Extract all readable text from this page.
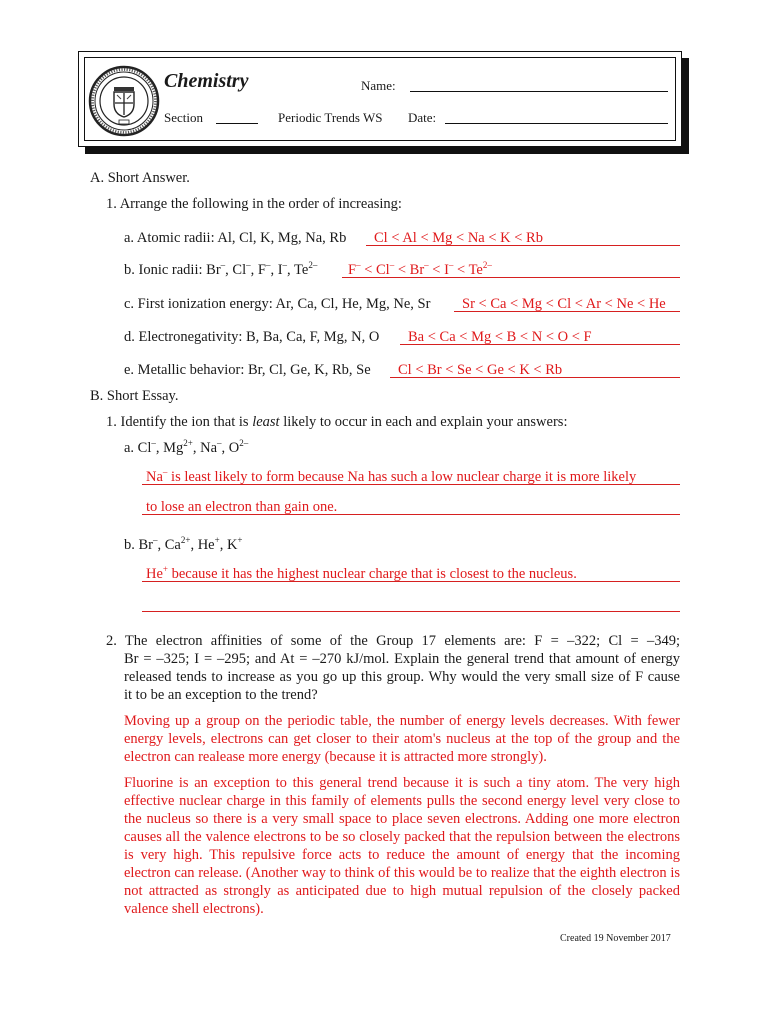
Chemistry	Name:
Section	Periodic Trends WS Date:
A. Short Answer.
1. Arrange the following in the order of increasing:
a. Atomic radii: Al, Cl, K, Mg, Na, Rb Cl < Al < Mg < Na < K < Rb
b. Ionic radii: Br–, Cl–, F–, I–, $Te^{2-}$ $F^- < Cl^- < Br^- < I^- < Te^{2-}$
c. First ionization energy: Ar, Ca, Cl, He, Mg, Ne, Sr Sr < Ca < Mg < Cl < Ar < Ne < He
d. Electronegativity: B, Ba, Ca, F, Mg, N, O Ba < Ca < Mg < B < N < O < F
e. Metallic behavior: Br, Cl, Ge, K, Rb, Se Cl < Br < Se < Ge < K < Rb
B. Short Essay.
1. Identify the ion that is least likely to occur in each and explain your answers:
a. Cl–, $Mg^{2+}$, Na–, $O^{2-}$
Na– is least likely to form because Na has such a low nuclear charge it is more likely
to lose an electron than gain one.
b. Br–, $Ca^{2+}$, He+, K+
He+ because it has the highest nuclear charge that is closest to the nucleus.
2. The electron affinities of some of the Group 17 elements are: F = –322; Cl = –349;
Br = –325; I = –295; and At = –270 kJ/mol. Explain the general trend that amount of energy
released tends to increase as you go up this group. Why would the very small size of F cause
it to be an exception to the trend?
Moving up a group on the periodic table, the number of energy levels decreases. With fewer energy levels, electrons can get closer to their atom's nucleus at the top of the group and the electron can realease more energy (because it is attracted more strongly).
Fluorine is an exception to this general trend because it is such a tiny atom. The very high effective nuclear charge in this family of elements pulls the second energy level very close to the nucleus so there is a very small space to place seven electrons. Adding one more electron causes all the valence electrons to be so closely packed that the repulsion between the electrons is very high. This repulsive force acts to reduce the amount of energy that the incoming electron can release. (Another way to think of this would be to realize that the eighth electron is not attracted as strongly as anticipated due to high mutual repulsion of the closely packed valence shell electrons).
Created 19 November 2017
